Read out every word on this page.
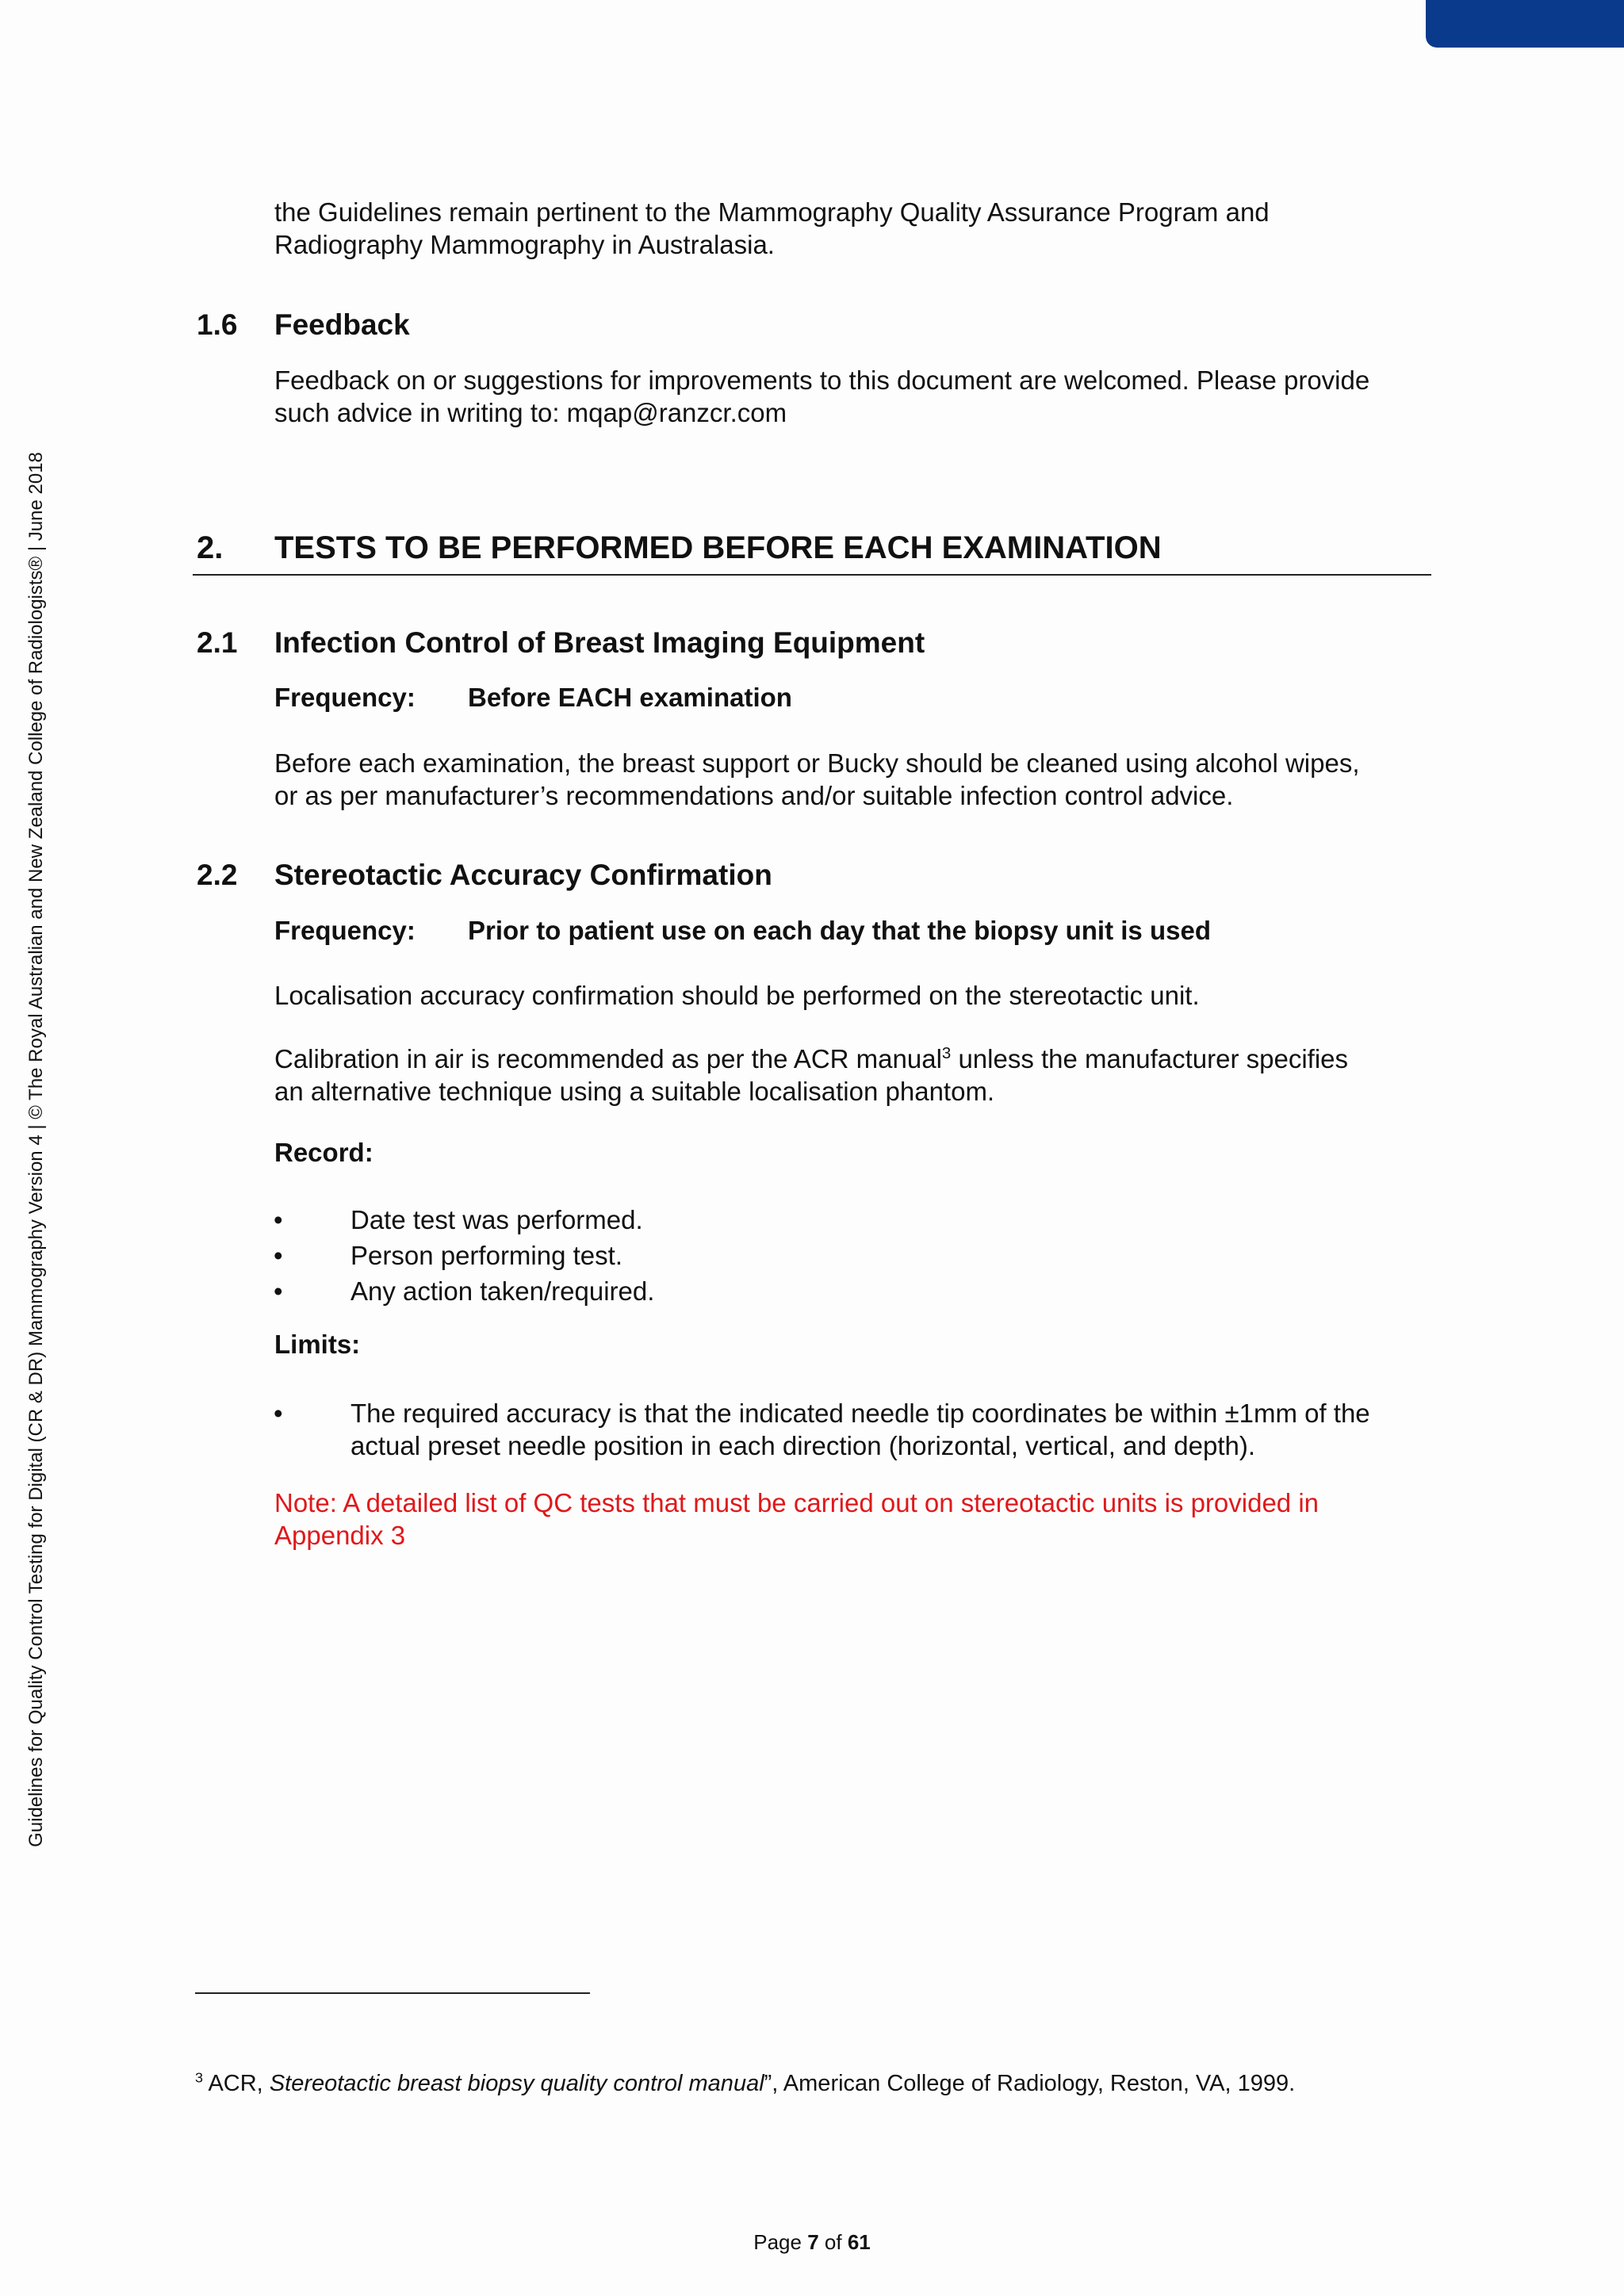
Guidelines for Quality Control Testing for Digital (CR & DR) Mammography Version 4 | © The Royal Australian and New Zealand College of Radiologists® | June 2018
the Guidelines remain pertinent to the Mammography Quality Assurance Program and
Radiography Mammography in Australasia.
1.6 Feedback
Feedback on or suggestions for improvements to this document are welcomed. Please provide
such advice in writing to: mqap@ranzcr.com
2. TESTS TO BE PERFORMED BEFORE EACH EXAMINATION
2.1 Infection Control of Breast Imaging Equipment
Frequency: Before EACH examination
Before each examination, the breast support or Bucky should be cleaned using alcohol wipes,
or as per manufacturer’s recommendations and/or suitable infection control advice.
2.2 Stereotactic Accuracy Confirmation
Frequency: Prior to patient use on each day that the biopsy unit is used
Localisation accuracy confirmation should be performed on the stereotactic unit.
Calibration in air is recommended as per the ACR manual$^3$ unless the manufacturer specifies
an alternative technique using a suitable localisation phantom.
Record:
•	Date test was performed.
•	Person performing test.
•	Any action taken/required.
Limits:
•	The required accuracy is that the indicated needle tip coordinates be within ±1mm of the
actual preset needle position in each direction (horizontal, vertical, and depth).
Note: A detailed list of QC tests that must be carried out on stereotactic units is provided in
Appendix 3
$^3$ ACR, Stereotactic breast biopsy quality control manual”, American College of Radiology, Reston, VA, 1999.
Page 7 of 61
